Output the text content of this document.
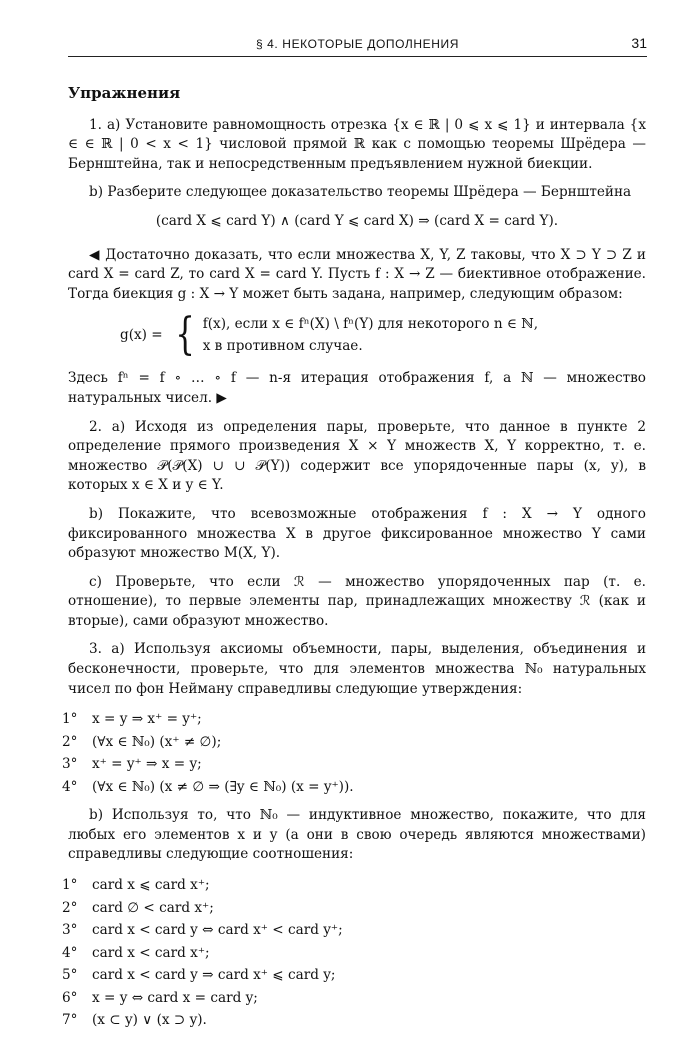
§ 4. НЕКОТОРЫЕ ДОПОЛНЕНИЯ	31
Упражнения

1. a) Установите равномощность отрезка {x ∈ ℝ | 0 ⩽ x ⩽ 1} и интервала {x ∈ ∈ ℝ | 0 < x < 1} числовой прямой ℝ как с помощью теоремы Шрёдера — Бернштейна, так и непосредственным предъявлением нужной биекции.

b) Разберите следующее доказательство теоремы Шрёдера — Бернштейна

(card X ⩽ card Y) ∧ (card Y ⩽ card X) ⇒ (card X = card Y).

◀ Достаточно доказать, что если множества X, Y, Z таковы, что X ⊃ Y ⊃ Z и card X = card Z, то card X = card Y. Пусть f : X → Z — биективное отображение. Тогда биекция g : X → Y может быть задана, например, следующим образом:

g(x) = { f(x), если x ∈ fⁿ(X) \ fⁿ(Y) для некоторого n ∈ ℕ,
x в противном случае.

Здесь fⁿ = f ∘ … ∘ f — n-я итерация отображения f, а ℕ — множество натуральных чисел. ▶

2. a) Исходя из определения пары, проверьте, что данное в пункте 2 определение прямого произведения X × Y множеств X, Y корректно, т. е. множество 𝒫(𝒫(X) ∪ ∪ 𝒫(Y)) содержит все упорядоченные пары (x, y), в которых x ∈ X и y ∈ Y.

b) Покажите, что всевозможные отображения f : X → Y одного фиксированного множества X в другое фиксированное множество Y сами образуют множество M(X, Y).

c) Проверьте, что если ℛ — множество упорядоченных пар (т. е. отношение), то первые элементы пар, принадлежащих множеству ℛ (как и вторые), сами образуют множество.

3. a) Используя аксиомы объемности, пары, выделения, объединения и бесконечности, проверьте, что для элементов множества ℕ₀ натуральных чисел по фон Нейману справедливы следующие утверждения:

1° x = y ⇒ x⁺ = y⁺;
2° (∀x ∈ ℕ₀) (x⁺ ≠ ∅);
3° x⁺ = y⁺ ⇒ x = y;
4° (∀x ∈ ℕ₀) (x ≠ ∅ ⇒ (∃y ∈ ℕ₀) (x = y⁺)).

b) Используя то, что ℕ₀ — индуктивное множество, покажите, что для любых его элементов x и y (а они в свою очередь являются множествами) справедливы следующие соотношения:

1° card x ⩽ card x⁺;
2° card ∅ < card x⁺;
3° card x < card y ⇔ card x⁺ < card y⁺;
4° card x < card x⁺;
5° card x < card y ⇒ card x⁺ ⩽ card y;
6° x = y ⇔ card x = card y;
7° (x ⊂ y) ∨ (x ⊃ y).
